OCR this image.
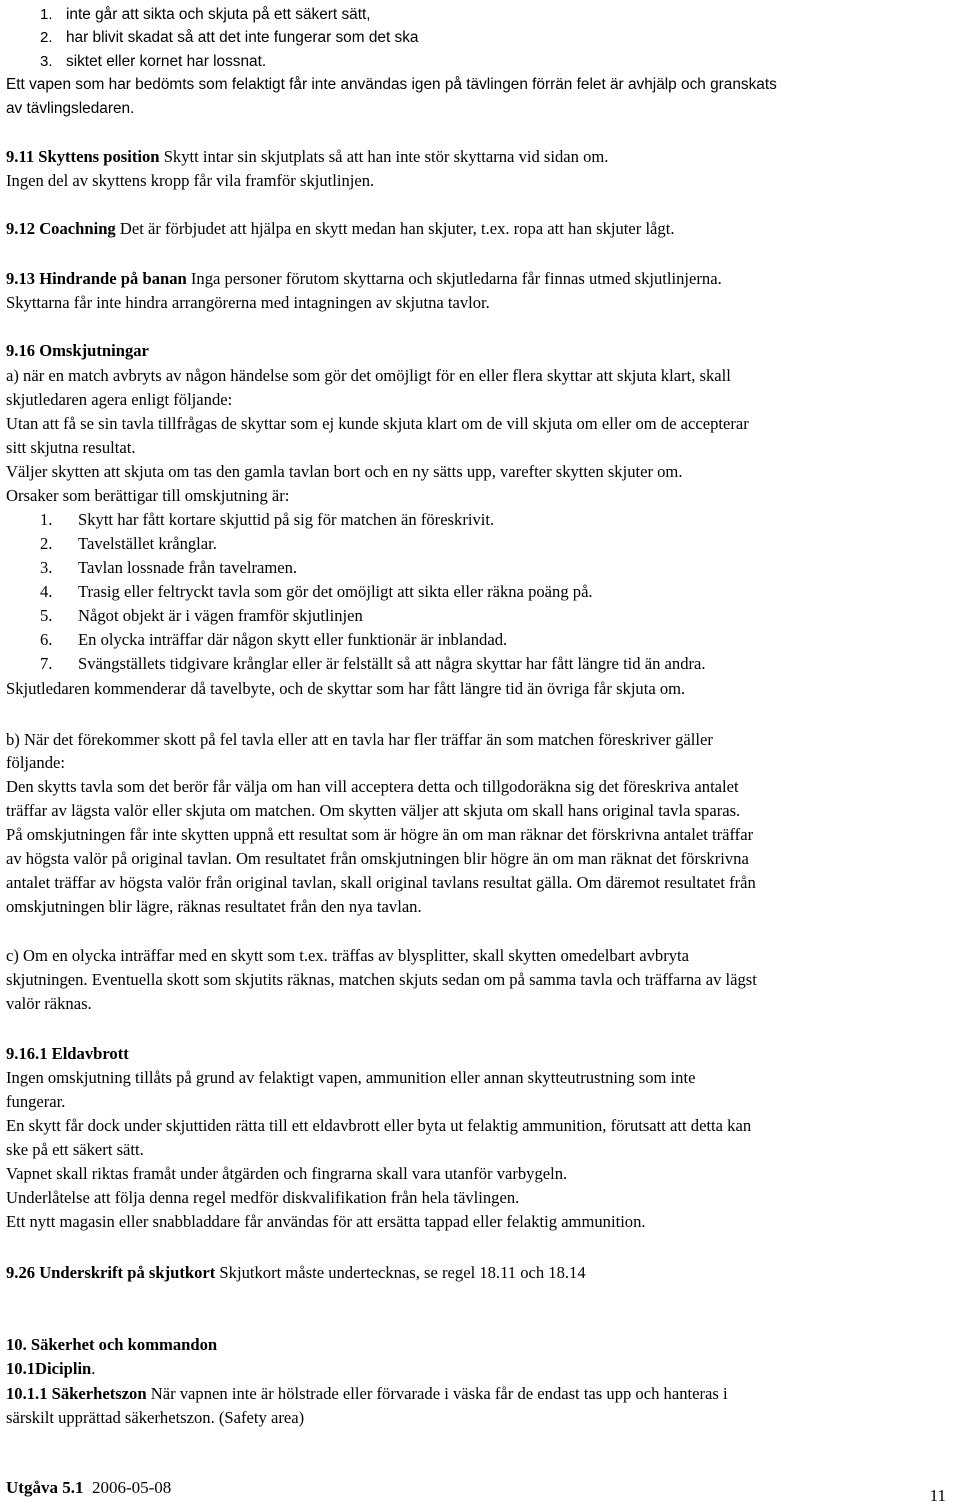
1. inte går att sikta och skjuta på ett säkert sätt,
2. har blivit skadat så att det inte fungerar som det ska
3. siktet eller kornet har lossnat.
Ett vapen som har bedömts som felaktigt får inte användas igen på tävlingen förrän felet är avhjälp och granskats
av tävlingsledaren.
9.11 Skyttens position Skytt intar sin skjutplats så att han inte stör skyttarna vid sidan om.
Ingen del av skyttens kropp får vila framför skjutlinjen.
9.12 Coachning Det är förbjudet att hjälpa en skytt medan han skjuter, t.ex. ropa att han skjuter lågt.
9.13 Hindrande på banan Inga personer förutom skyttarna och skjutledarna får finnas utmed skjutlinjerna.
Skyttarna får inte hindra arrangörerna med intagningen av skjutna tavlor.
9.16 Omskjutningar
a) när en match avbryts av någon händelse som gör det omöjligt för en eller flera skyttar att skjuta klart, skall
skjutledaren agera enligt följande:
Utan att få se sin tavla tillfrågas de skyttar som ej kunde skjuta klart om de vill skjuta om eller om de accepterar
sitt skjutna resultat.
Väljer skytten att skjuta om tas den gamla tavlan bort och en ny sätts upp, varefter skytten skjuter om.
Orsaker som berättigar till omskjutning är:
1. Skytt har fått kortare skjuttid på sig för matchen än föreskrivit.
2. Tavelstället krånglar.
3. Tavlan lossnade från tavelramen.
4. Trasig eller feltryckt tavla som gör det omöjligt att sikta eller räkna poäng på.
5. Något objekt är i vägen framför skjutlinjen
6. En olycka inträffar där någon skytt eller funktionär är inblandad.
7. Svängställets tidgivare krånglar eller är felställt så att några skyttar har fått längre tid än andra.
Skjutledaren kommenderar då tavelbyte, och de skyttar som har fått längre tid än övriga får skjuta om.
b) När det förekommer skott på fel tavla eller att en tavla har fler träffar än som matchen föreskriver gäller
följande:
Den skytts tavla som det berör får välja om han vill acceptera detta och tillgodoräkna sig det föreskriva antalet
träffar av lägsta valör eller skjuta om matchen. Om skytten väljer att skjuta om skall hans original tavla sparas.
På omskjutningen får inte skytten uppnå ett resultat som är högre än om man räknar det förskrivna antalet träffar
av högsta valör på original tavlan. Om resultatet från omskjutningen blir högre än om man räknat det förskrivna
antalet träffar av högsta valör från original tavlan, skall original tavlans resultat gälla. Om däremot resultatet från
omskjutningen blir lägre, räknas resultatet från den nya tavlan.
c) Om en olycka inträffar med en skytt som t.ex. träffas av blysplitter, skall skytten omedelbart avbryta
skjutningen. Eventuella skott som skjutits räknas, matchen skjuts sedan om på samma tavla och träffarna av lägst
valör räknas.
9.16.1 Eldavbrott
Ingen omskjutning tillåts på grund av felaktigt vapen, ammunition eller annan skytteutrustning som inte
fungerar.
En skytt får dock under skjuttiden rätta till ett eldavbrott eller byta ut felaktig ammunition, förutsatt att detta kan
ske på ett säkert sätt.
Vapnet skall riktas framåt under åtgärden och fingrarna skall vara utanför varbygeln.
Underlåtelse att följa denna regel medför diskvalifikation från hela tävlingen.
Ett nytt magasin eller snabbladdare får användas för att ersätta tappad eller felaktig ammunition.
9.26 Underskrift på skjutkort Skjutkort måste undertecknas, se regel 18.11 och 18.14
10. Säkerhet och kommandon
10.1Diciplin.
10.1.1 Säkerhetszon När vapnen inte är hölstrade eller förvarade i väska får de endast tas upp och hanteras i
särskilt upprättad säkerhetszon. (Safety area)
Utgåva 5.1 2006-05-08	11
